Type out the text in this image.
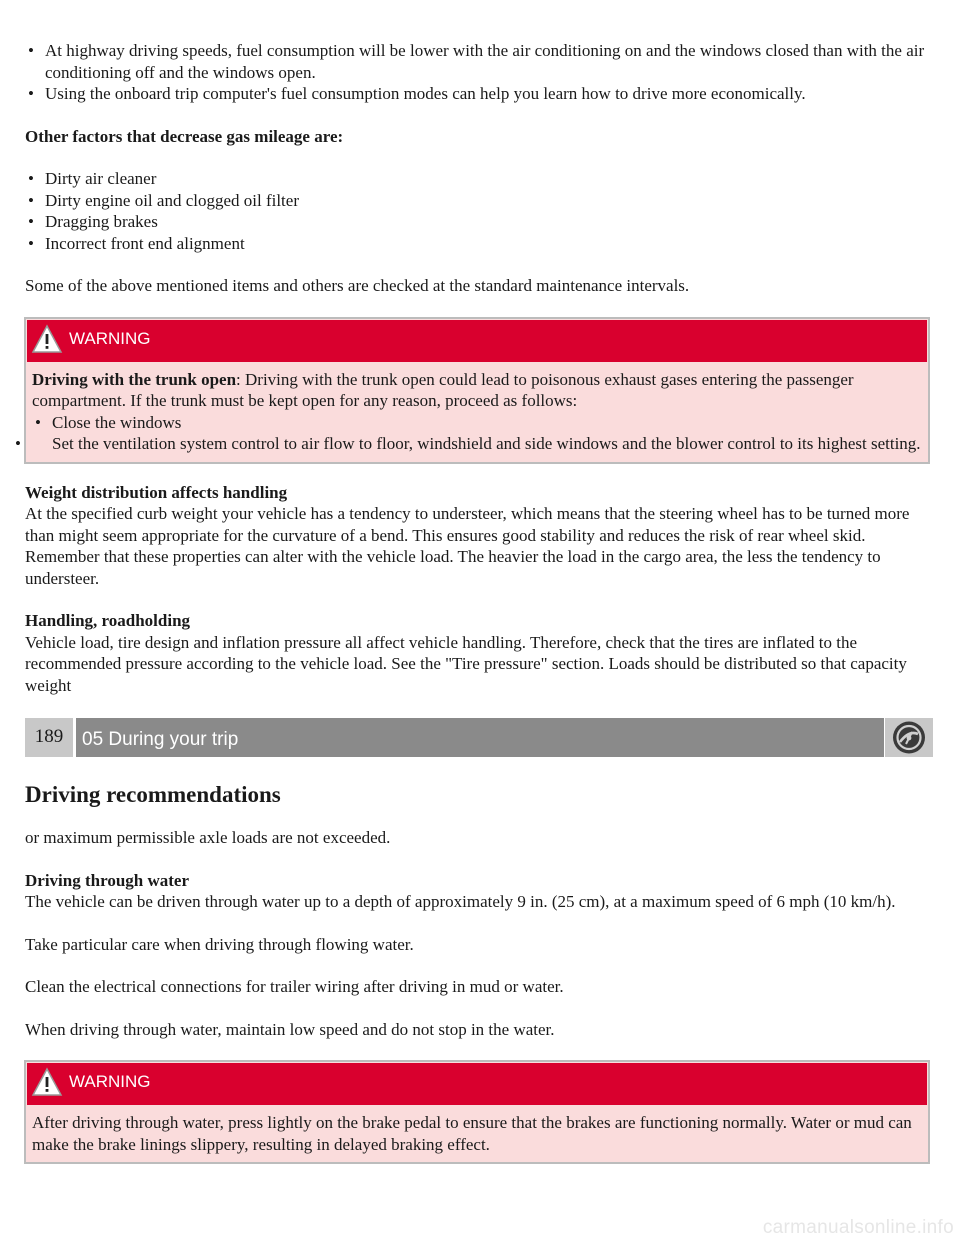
• At highway driving speeds, fuel consumption will be lower with the air conditioning on and the windows closed than with the air conditioning off and the windows open.
• Using the onboard trip computer's fuel consumption modes can help you learn how to drive more economically.

Other factors that decrease gas mileage are:

• Dirty air cleaner
• Dirty engine oil and clogged oil filter
• Dragging brakes
• Incorrect front end alignment

Some of the above mentioned items and others are checked at the standard maintenance intervals.

WARNING

Driving with the trunk open: Driving with the trunk open could lead to poisonous exhaust gases entering the passenger compartment. If the trunk must be kept open for any reason, proceed as follows:

• Close the windows
• Set the ventilation system control to air flow to floor, windshield and side windows and the blower control to its highest setting.

Weight distribution affects handling

At the specified curb weight your vehicle has a tendency to understeer, which means that the steering wheel has to be turned more than might seem appropriate for the curvature of a bend. This ensures good stability and reduces the risk of rear wheel skid. Remember that these properties can alter with the vehicle load. The heavier the load in the cargo area, the less the tendency to understeer.

Handling, roadholding

Vehicle load, tire design and inflation pressure all affect vehicle handling. Therefore, check that the tires are inflated to the recommended pressure according to the vehicle load. See the "Tire pressure" section. Loads should be distributed so that capacity weight

189 05 During your trip
Driving recommendations

or maximum permissible axle loads are not exceeded.

Driving through water

The vehicle can be driven through water up to a depth of approximately 9 in. (25 cm), at a maximum speed of 6 mph (10 km/h).

Take particular care when driving through flowing water.

Clean the electrical connections for trailer wiring after driving in mud or water.

When driving through water, maintain low speed and do not stop in the water.

WARNING

After driving through water, press lightly on the brake pedal to ensure that the brakes are functioning normally. Water or mud can make the brake linings slippery, resulting in delayed braking effect.

carmanualsonline.info
